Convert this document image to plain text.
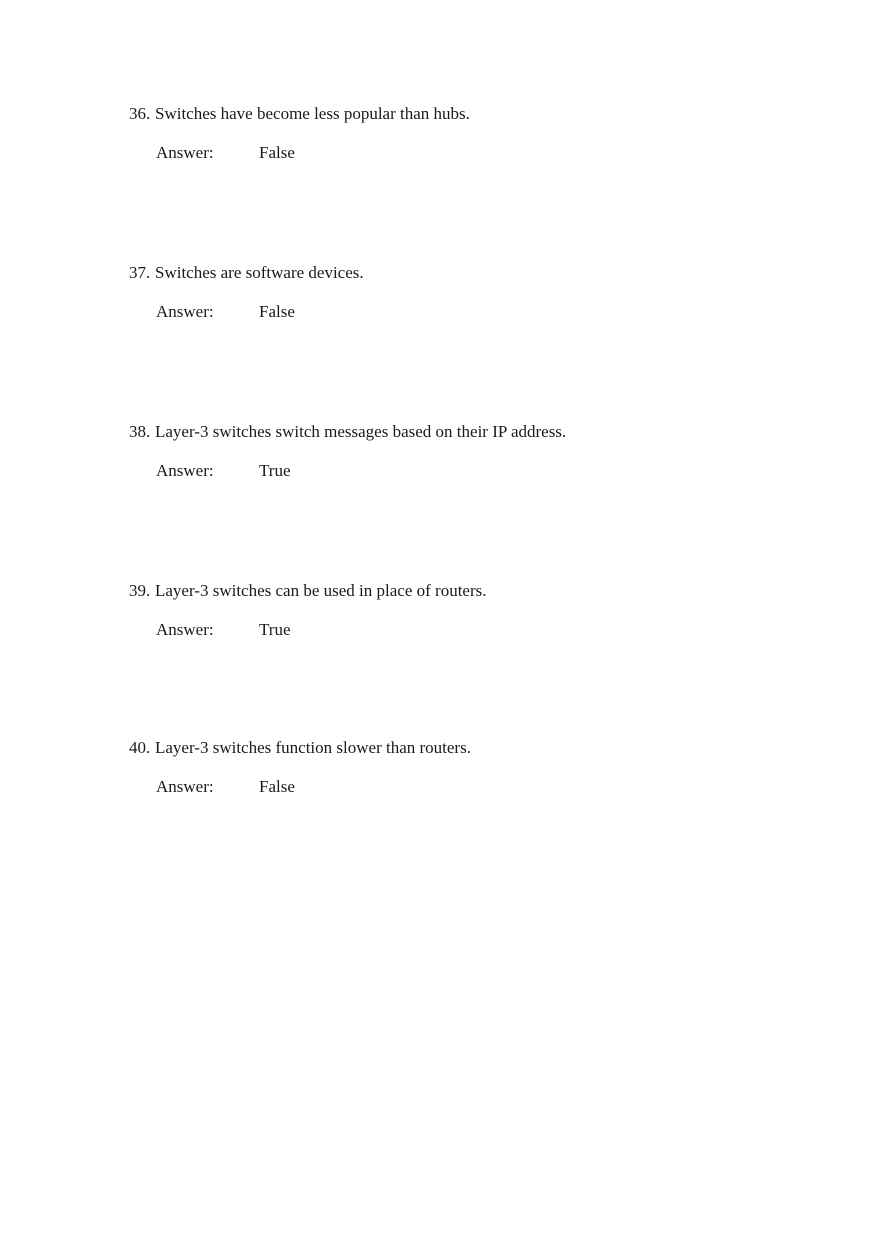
36. Switches have become less popular than hubs.
Answer:	False
37. Switches are software devices.
Answer:	False
38. Layer-3 switches switch messages based on their IP address.
Answer:	True
39. Layer-3 switches can be used in place of routers.
Answer:	True
40. Layer-3 switches function slower than routers.
Answer:	False
